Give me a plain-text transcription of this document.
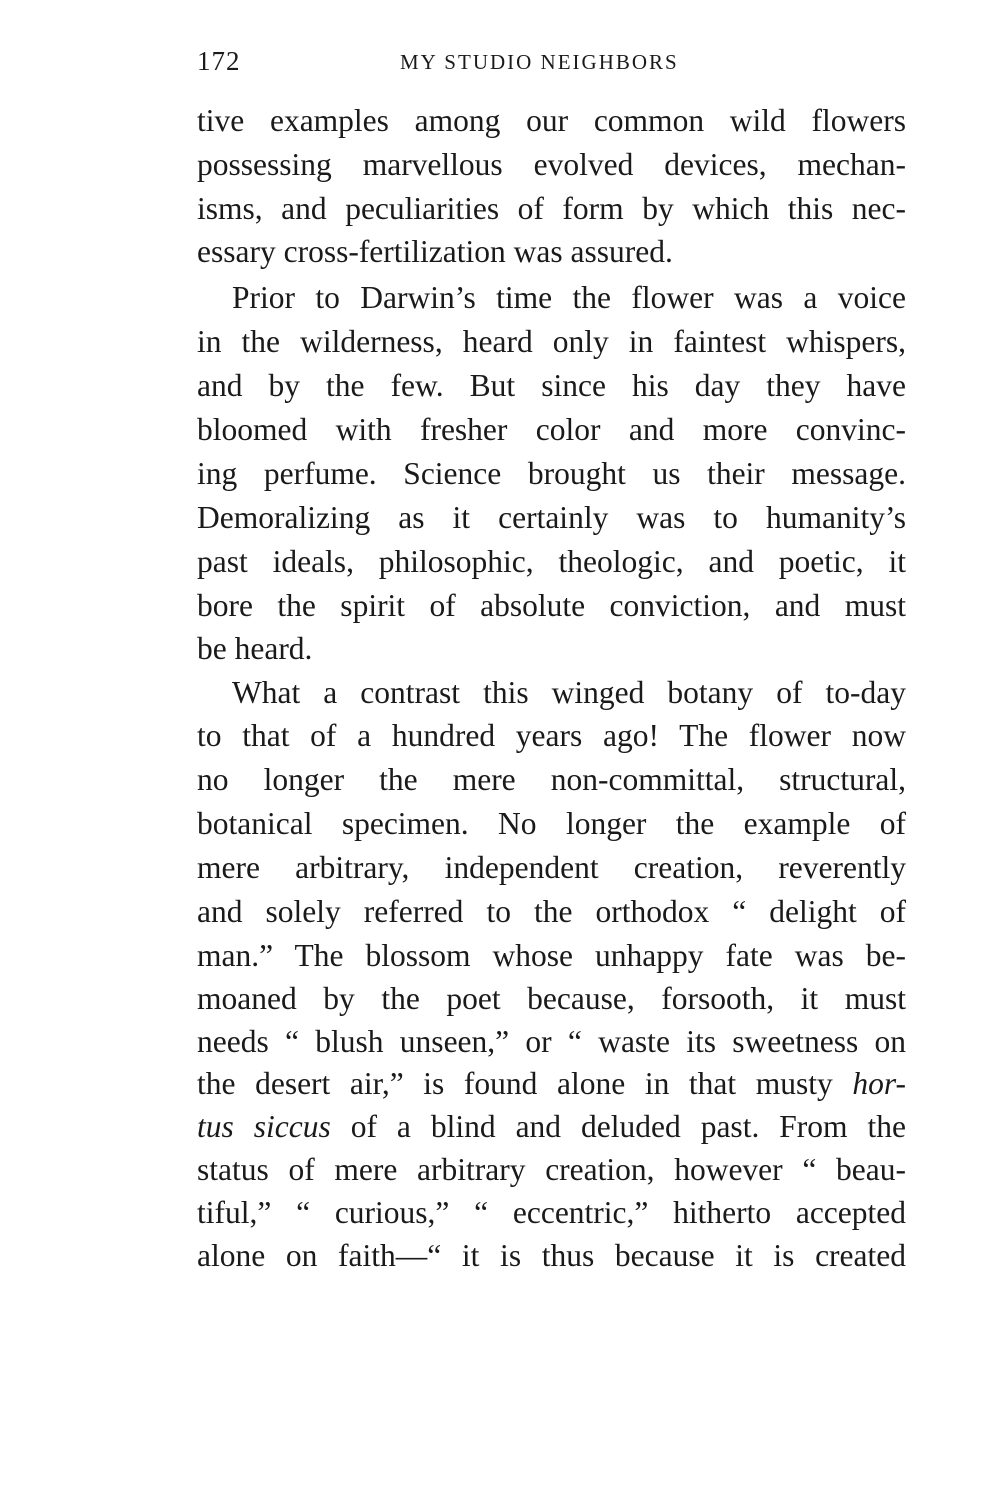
172	MY STUDIO NEIGHBORS
tive examples among our common wild flowers
possessing marvellous evolved devices, mechan-
isms, and peculiarities of form by which this nec-
essary cross-fertilization was assured.
Prior to Darwin’s time the flower was a voice
in the wilderness, heard only in faintest whispers,
and by the few. But since his day they have
bloomed with fresher color and more convinc-
ing perfume. Science brought us their message.
Demoralizing as it certainly was to humanity’s
past ideals, philosophic, theologic, and poetic, it
bore the spirit of absolute conviction, and must
be heard.
What a contrast this winged botany of to-day
to that of a hundred years ago! The flower now
no longer the mere non-committal, structural,
botanical specimen. No longer the example of
mere arbitrary, independent creation, reverently
and solely referred to the orthodox “ delight of
man.” The blossom whose unhappy fate was be-
moaned by the poet because, forsooth, it must
needs “ blush unseen,” or “ waste its sweetness on
the desert air,” is found alone in that musty hor-
tus siccus of a blind and deluded past. From the
status of mere arbitrary creation, however “ beau-
tiful,” “ curious,” “ eccentric,” hitherto accepted
alone on faith—“ it is thus because it is created
